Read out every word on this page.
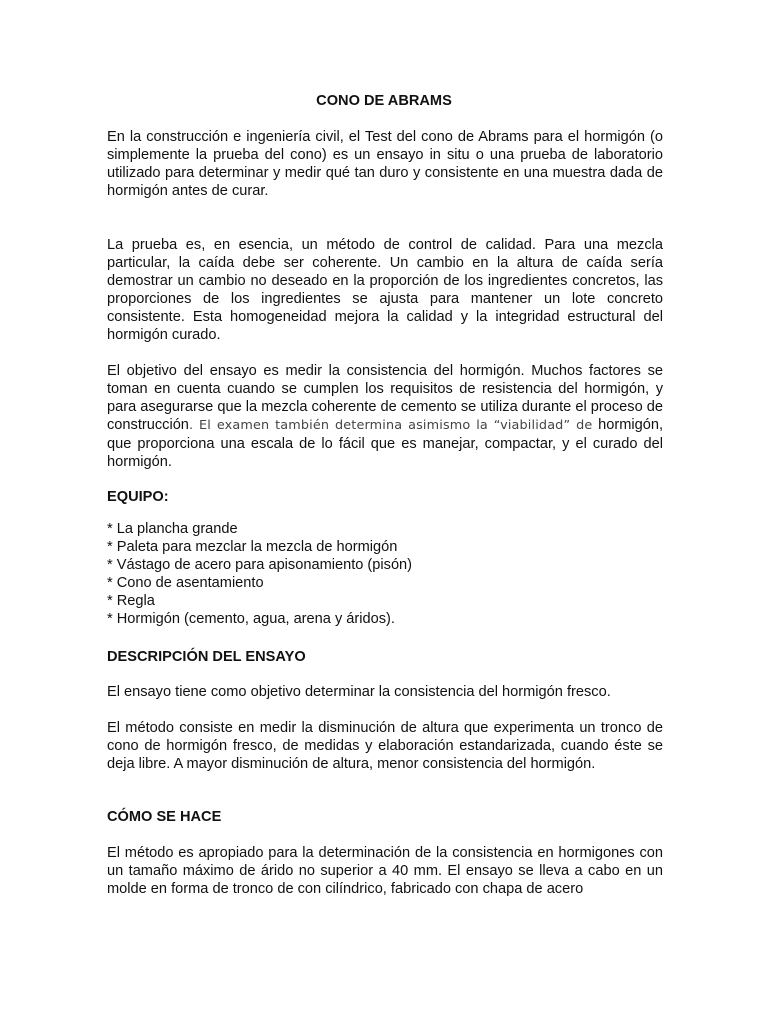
CONO DE ABRAMS

En la construcción e ingeniería civil, el Test del cono de Abrams para el hormigón (o simplemente la prueba del cono) es un ensayo in situ o una prueba de laboratorio utilizado para determinar y medir qué tan duro y consistente en una muestra dada de hormigón antes de curar.

La prueba es, en esencia, un método de control de calidad. Para una mezcla particular, la caída debe ser coherente. Un cambio en la altura de caída sería demostrar un cambio no deseado en la proporción de los ingredientes concretos, las proporciones de los ingredientes se ajusta para mantener un lote concreto consistente. Esta homogeneidad mejora la calidad y la integridad estructural del hormigón curado.

El objetivo del ensayo es medir la consistencia del hormigón. Muchos factores se toman en cuenta cuando se cumplen los requisitos de resistencia del hormigón, y para asegurarse que la mezcla coherente de cemento se utiliza durante el proceso de construcción. El examen también determina asimismo la “viabilidad” de hormigón, que proporciona una escala de lo fácil que es manejar, compactar, y el curado del hormigón.

EQUIPO:
* La plancha grande
* Paleta para mezclar la mezcla de hormigón
* Vástago de acero para apisonamiento (pisón)
* Cono de asentamiento
* Regla
* Hormigón (cemento, agua, arena y áridos).
DESCRIPCIÓN DEL ENSAYO

El ensayo tiene como objetivo determinar la consistencia del hormigón fresco.

El método consiste en medir la disminución de altura que experimenta un tronco de cono de hormigón fresco, de medidas y elaboración estandarizada, cuando éste se deja libre. A mayor disminución de altura, menor consistencia del hormigón.

CÓMO SE HACE

El método es apropiado para la determinación de la consistencia en hormigones con un tamaño máximo de árido no superior a 40 mm. El ensayo se lleva a cabo en un molde en forma de tronco de con cilíndrico, fabricado con chapa de acero
